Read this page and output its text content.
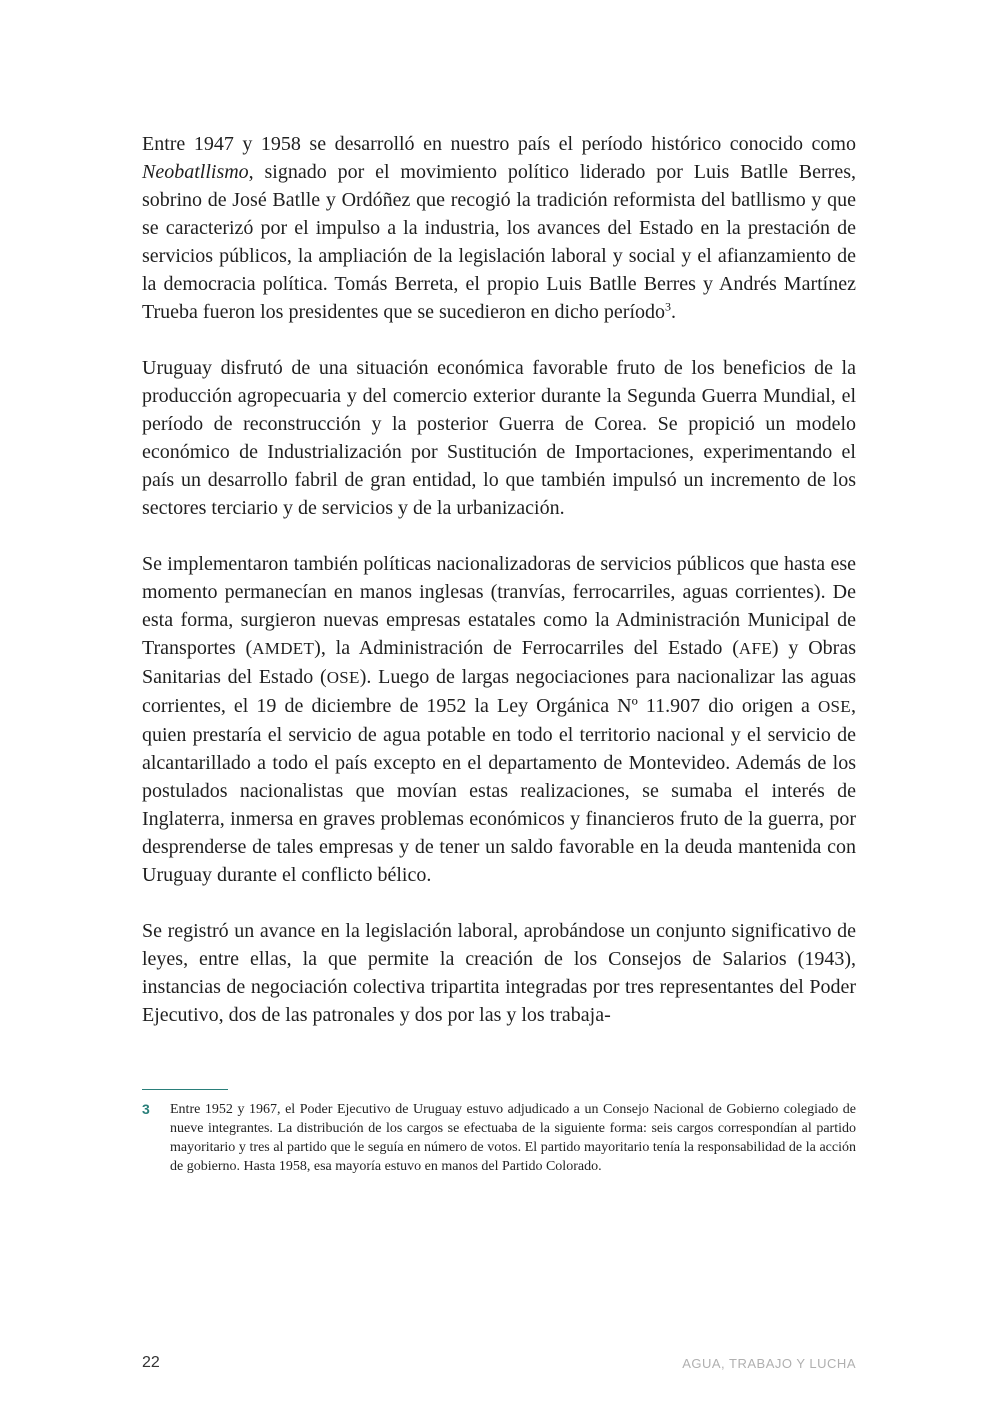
Entre 1947 y 1958 se desarrolló en nuestro país el período histórico conocido como Neobatllismo, signado por el movimiento político liderado por Luis Batlle Berres, sobrino de José Batlle y Ordóñez que recogió la tradición reformista del batllismo y que se caracterizó por el impulso a la industria, los avances del Estado en la prestación de servicios públicos, la ampliación de la legislación laboral y social y el afianzamiento de la democracia política. Tomás Berreta, el propio Luis Batlle Berres y Andrés Martínez Trueba fueron los presidentes que se sucedieron en dicho período$^3$.

Uruguay disfrutó de una situación económica favorable fruto de los beneficios de la producción agropecuaria y del comercio exterior durante la Segunda Guerra Mundial, el período de reconstrucción y la posterior Guerra de Corea. Se propició un modelo económico de Industrialización por Sustitución de Importaciones, experimentando el país un desarrollo fabril de gran entidad, lo que también impulsó un incremento de los sectores terciario y de servicios y de la urbanización.

Se implementaron también políticas nacionalizadoras de servicios públicos que hasta ese momento permanecían en manos inglesas (tranvías, ferrocarriles, aguas corrientes). De esta forma, surgieron nuevas empresas estatales como la Administración Municipal de Transportes (AMDET), la Administración de Ferrocarriles del Estado (AFE) y Obras Sanitarias del Estado (OSE). Luego de largas negociaciones para nacionalizar las aguas corrientes, el 19 de diciembre de 1952 la Ley Orgánica Nº 11.907 dio origen a OSE, quien prestaría el servicio de agua potable en todo el territorio nacional y el servicio de alcantarillado a todo el país excepto en el departamento de Montevideo. Además de los postulados nacionalistas que movían estas realizaciones, se sumaba el interés de Inglaterra, inmersa en graves problemas económicos y financieros fruto de la guerra, por desprenderse de tales empresas y de tener un saldo favorable en la deuda mantenida con Uruguay durante el conflicto bélico.

Se registró un avance en la legislación laboral, aprobándose un conjunto significativo de leyes, entre ellas, la que permite la creación de los Consejos de Salarios (1943), instancias de negociación colectiva tripartita integradas por tres representantes del Poder Ejecutivo, dos de las patronales y dos por las y los trabaja-

3	Entre 1952 y 1967, el Poder Ejecutivo de Uruguay estuvo adjudicado a un Consejo Nacional de Gobierno colegiado de nueve integrantes. La distribución de los cargos se efectuaba de la siguiente forma: seis cargos correspondían al partido mayoritario y tres al partido que le seguía en número de votos. El partido mayoritario tenía la responsabilidad de la acción de gobierno. Hasta 1958, esa mayoría estuvo en manos del Partido Colorado.
22	AGUA, TRABAJO Y LUCHA
